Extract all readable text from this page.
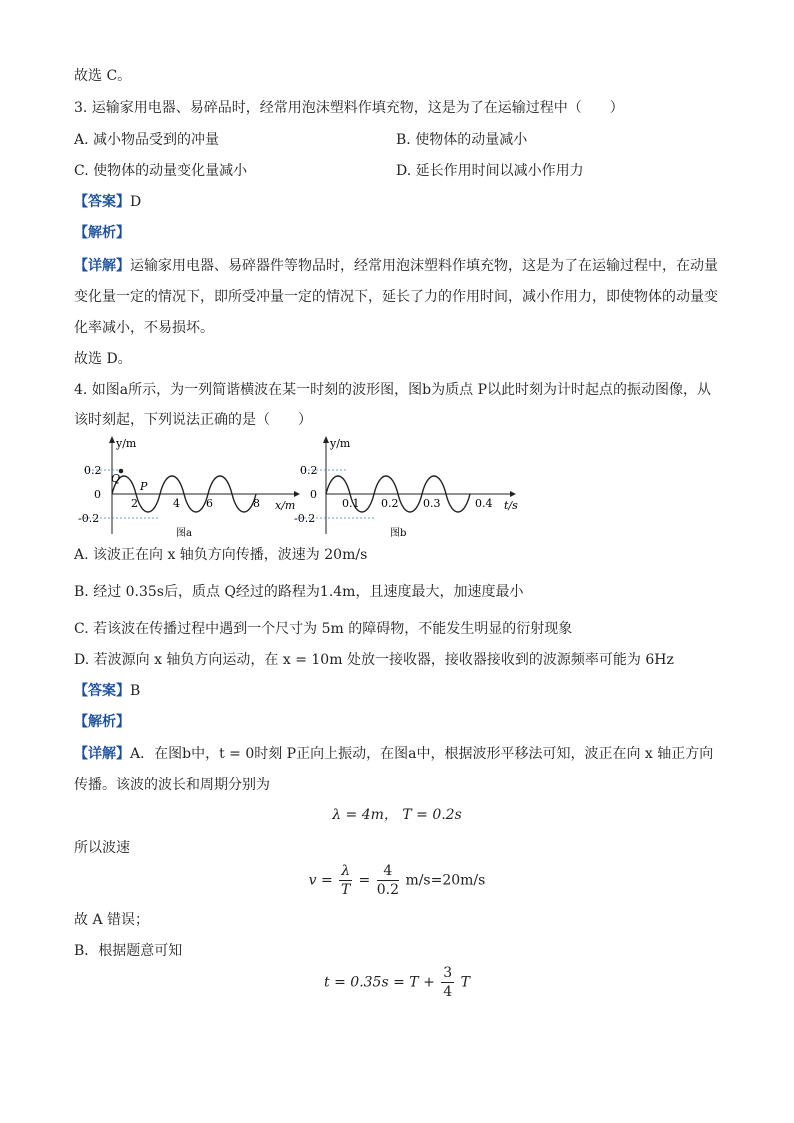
故选 C。
3. 运输家用电器、易碎品时，经常用泡沫塑料作填充物，这是为了在运输过程中（　　）
A. 减小物品受到的冲量	B. 使物体的动量减小
C. 使物体的动量变化量减小	D. 延长作用时间以减小作用力
【答案】D
【解析】
【详解】运输家用电器、易碎器件等物品时，经常用泡沫塑料作填充物，这是为了在运输过程中，在动量
变化量一定的情况下，即所受冲量一定的情况下，延长了力的作用时间，减小作用力，即使物体的动量变
化率减小，不易损坏。
故选 D。
4. 如图a所示，为一列简谐横波在某一时刻的波形图，图b为质点 P以此时刻为计时起点的振动图像，从
该时刻起，下列说法正确的是（　　）
Q
P
y/m
x/m
0.2
0
-0.2
2	4 6	8
图a
y/m
t/s
0.2
0
-0.2
0.1 0.2 0.3	0.4
图b
A. 该波正在向 x 轴负方向传播，波速为 20m/s
B. 经过 0.35s后，质点 Q经过的路程为1.4m，且速度最大，加速度最小
C. 若该波在传播过程中遇到一个尺寸为 5m 的障碍物，不能发生明显的衍射现象
D. 若波源向 x 轴负方向运动，在 x = 10m 处放一接收器，接收器接收到的波源频率可能为 6Hz
【答案】B
【解析】
【详解】A．在图b中，t = 0时刻 P正向上振动，在图a中，根据波形平移法可知，波正在向 x 轴正方向
传播。该波的波长和周期分别为
λ = 4m， T = 0.2s
所以波速
$v = \frac{\lambda}{T} = \frac{4}{0.2} m/s=20m/s$
故 A 错误；
B．根据题意可知
$t = 0.35s = T + \frac{3}{4}$ T
